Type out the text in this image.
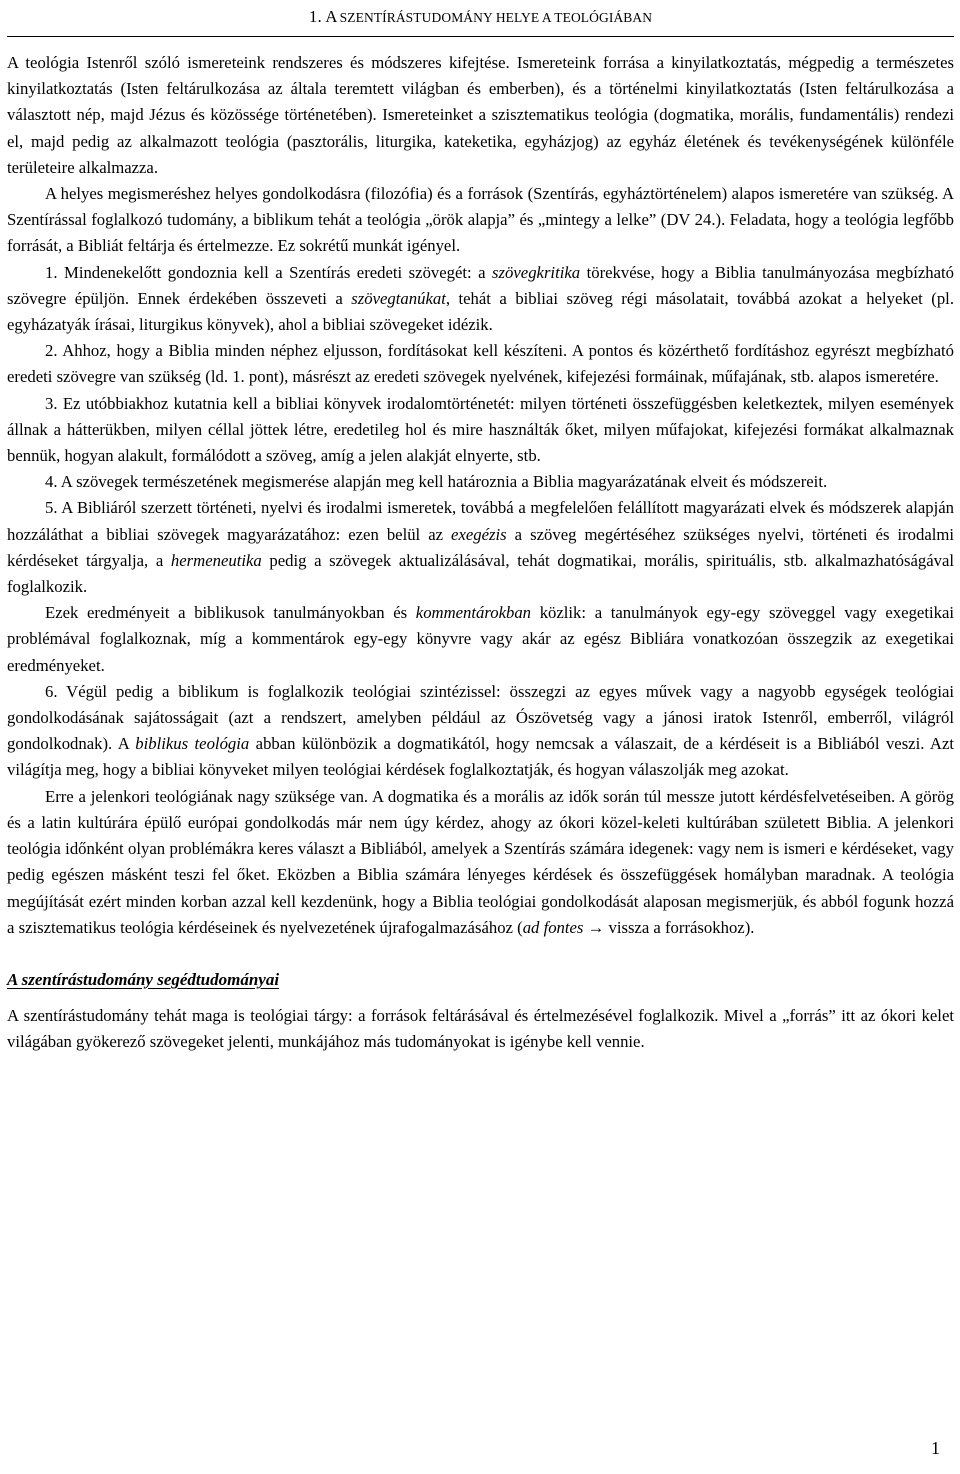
1. A SZENTÍRÁSTUDOMÁNY HELYE A TEOLÓGIÁBAN

A teológia Istenről szóló ismereteink rendszeres és módszeres kifejtése. Ismereteink forrása a kinyilatkoztatás, mégpedig a természetes kinyilatkoztatás (Isten feltárulkozása az általa teremtett világban és emberben), és a történelmi kinyilatkoztatás (Isten feltárulkozása a választott nép, majd Jézus és közössége történetében). Ismereteinket a szisztematikus teológia (dogmatika, morális, fundamentális) rendezi el, majd pedig az alkalmazott teológia (pasztorális, liturgika, kateketika, egyházjog) az egyház életének és tevékenységének különféle területeire alkalmazza.

A helyes megismeréshez helyes gondolkodásra (filozófia) és a források (Szentírás, egyháztörténelem) alapos ismeretére van szükség. A Szentírással foglalkozó tudomány, a biblikum tehát a teológia „örök alapja” és „mintegy a lelke” (DV 24.). Feladata, hogy a teológia legfőbb forrását, a Bibliát feltárja és értelmezze. Ez sokrétű munkát igényel.

1. Mindenekelőtt gondoznia kell a Szentírás eredeti szövegét: a szövegkritika törekvése, hogy a Biblia tanulmányozása megbízható szövegre épüljön. Ennek érdekében összeveti a szövegtanúkat, tehát a bibliai szöveg régi másolatait, továbbá azokat a helyeket (pl. egyházatyák írásai, liturgikus könyvek), ahol a bibliai szövegeket idézik.

2. Ahhoz, hogy a Biblia minden néphez eljusson, fordításokat kell készíteni. A pontos és közérthető fordításhoz egyrészt megbízható eredeti szövegre van szükség (ld. 1. pont), másrészt az eredeti szövegek nyelvének, kifejezési formáinak, műfajának, stb. alapos ismeretére.

3. Ez utóbbiakhoz kutatnia kell a bibliai könyvek irodalomtörténetét: milyen történeti összefüggésben keletkeztek, milyen események állnak a hátterükben, milyen céllal jöttek létre, eredetileg hol és mire használták őket, milyen műfajokat, kifejezési formákat alkalmaznak bennük, hogyan alakult, formálódott a szöveg, amíg a jelen alakját elnyerte, stb.

4. A szövegek természetének megismerése alapján meg kell határoznia a Biblia magyarázatának elveit és módszereit.

5. A Bibliáról szerzett történeti, nyelvi és irodalmi ismeretek, továbbá a megfelelően felállított magyarázati elvek és módszerek alapján hozzáláthat a bibliai szövegek magyarázatához: ezen belül az exegézis a szöveg megértéséhez szükséges nyelvi, történeti és irodalmi kérdéseket tárgyalja, a hermeneutika pedig a szövegek aktualizálásával, tehát dogmatikai, morális, spirituális, stb. alkalmazhatóságával foglalkozik.

Ezek eredményeit a biblikusok tanulmányokban és kommentárokban közlik: a tanulmányok egy-egy szöveggel vagy exegetikai problémával foglalkoznak, míg a kommentárok egy-egy könyvre vagy akár az egész Bibliára vonatkozóan összegzik az exegetikai eredményeket.

6. Végül pedig a biblikum is foglalkozik teológiai szintézissel: összegzi az egyes művek vagy a nagyobb egységek teológiai gondolkodásának sajátosságait (azt a rendszert, amelyben például az Ószövetség vagy a jánosi iratok Istenről, emberről, világról gondolkodnak). A biblikus teológia abban különbözik a dogmatikától, hogy nemcsak a válaszait, de a kérdéseit is a Bibliából veszi. Azt világítja meg, hogy a bibliai könyveket milyen teológiai kérdések foglalkoztatják, és hogyan válaszolják meg azokat.

Erre a jelenkori teológiának nagy szüksége van. A dogmatika és a morális az idők során túl messze jutott kérdésfelvetéseiben. A görög és a latin kultúrára épülő európai gondolkodás már nem úgy kérdez, ahogy az ókori közel-keleti kultúrában született Biblia. A jelenkori teológia időnként olyan problémákra keres választ a Bibliából, amelyek a Szentírás számára idegenek: vagy nem is ismeri e kérdéseket, vagy pedig egészen másként teszi fel őket. Eközben a Biblia számára lényeges kérdések és összefüggések homályban maradnak. A teológia megújítását ezért minden korban azzal kell kezdenünk, hogy a Biblia teológiai gondolkodását alaposan megismerjük, és abból fogunk hozzá a szisztematikus teológia kérdéseinek és nyelvezetének újrafogalmazásához (ad fontes → vissza a forrásokhoz).

A szentírástudomány segédtudományai

A szentírástudomány tehát maga is teológiai tárgy: a források feltárásával és értelmezésével foglalkozik. Mivel a „forrás” itt az ókori kelet világában gyökerező szövegeket jelenti, munkájához más tudományokat is igénybe kell vennie.

1
